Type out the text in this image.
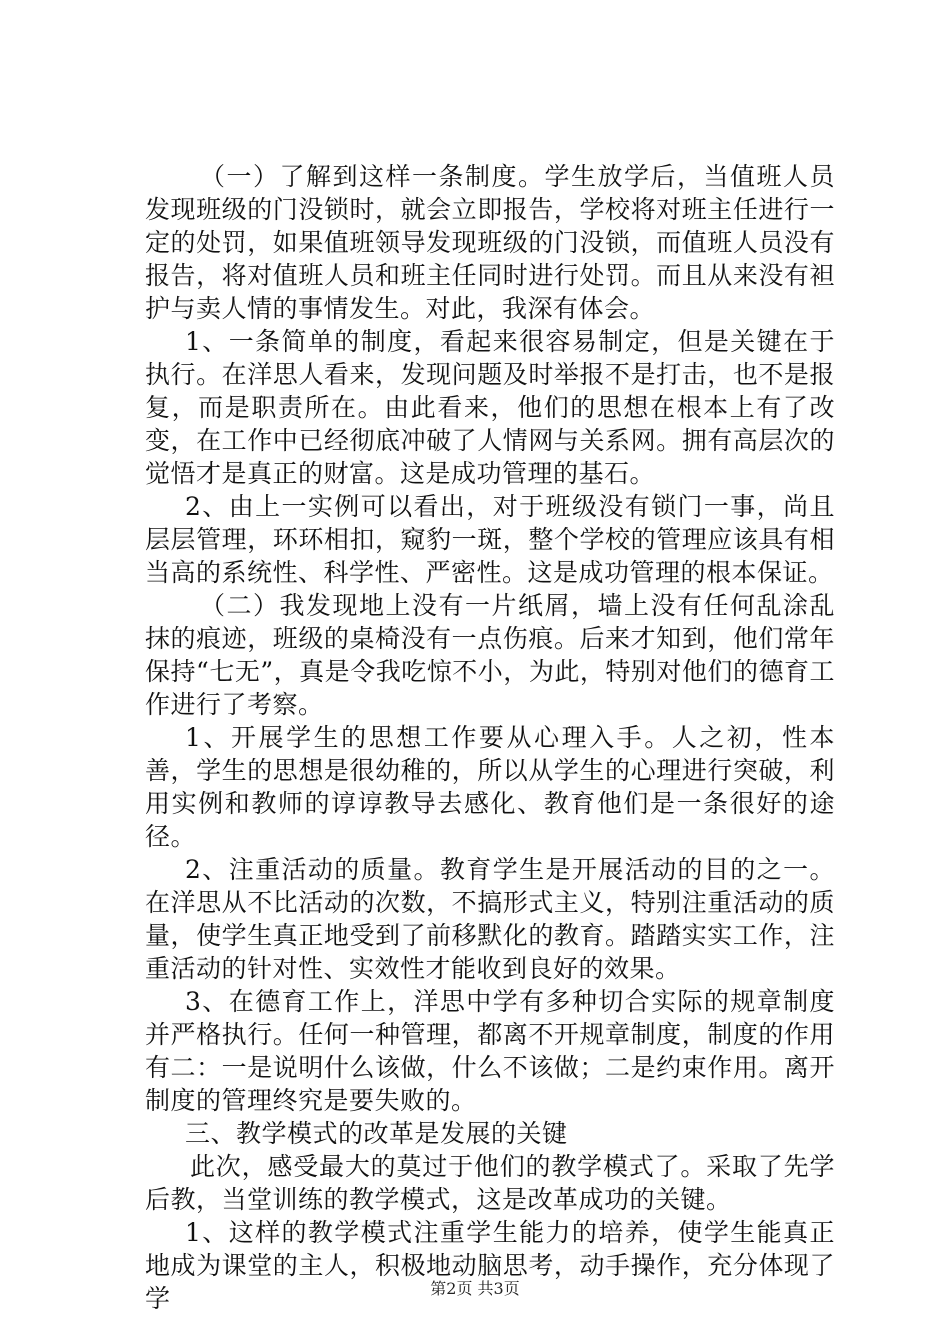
（一）了解到这样一条制度。学生放学后，当值班人员发现班级的门没锁时，就会立即报告，学校将对班主任进行一定的处罚，如果值班领导发现班级的门没锁，而值班人员没有报告，将对值班人员和班主任同时进行处罚。而且从来没有袒护与卖人情的事情发生。对此，我深有体会。

1、一条简单的制度，看起来很容易制定，但是关键在于执行。在洋思人看来，发现问题及时举报不是打击，也不是报复，而是职责所在。由此看来，他们的思想在根本上有了改变，在工作中已经彻底冲破了人情网与关系网。拥有高层次的觉悟才是真正的财富。这是成功管理的基石。

2、由上一实例可以看出，对于班级没有锁门一事，尚且层层管理，环环相扣，窥豹一斑，整个学校的管理应该具有相当高的系统性、科学性、严密性。这是成功管理的根本保证。

（二）我发现地上没有一片纸屑，墙上没有任何乱涂乱抹的痕迹，班级的桌椅没有一点伤痕。后来才知到，他们常年保持“七无”，真是令我吃惊不小，为此，特别对他们的德育工作进行了考察。

1、开展学生的思想工作要从心理入手。人之初，性本善，学生的思想是很幼稚的，所以从学生的心理进行突破，利用实例和教师的谆谆教导去感化、教育他们是一条很好的途径。

2、注重活动的质量。教育学生是开展活动的目的之一。在洋思从不比活动的次数，不搞形式主义，特别注重活动的质量，使学生真正地受到了前移默化的教育。踏踏实实工作，注重活动的针对性、实效性才能收到良好的效果。

3、在德育工作上，洋思中学有多种切合实际的规章制度并严格执行。任何一种管理，都离不开规章制度，制度的作用有二：一是说明什么该做，什么不该做；二是约束作用。离开制度的管理终究是要失败的。

三、教学模式的改革是发展的关键

此次，感受最大的莫过于他们的教学模式了。采取了先学后教，当堂训练的教学模式，这是改革成功的关键。

1、这样的教学模式注重学生能力的培养，使学生能真正地成为课堂的主人，积极地动脑思考，动手操作，充分体现了学	第2页 共3页
